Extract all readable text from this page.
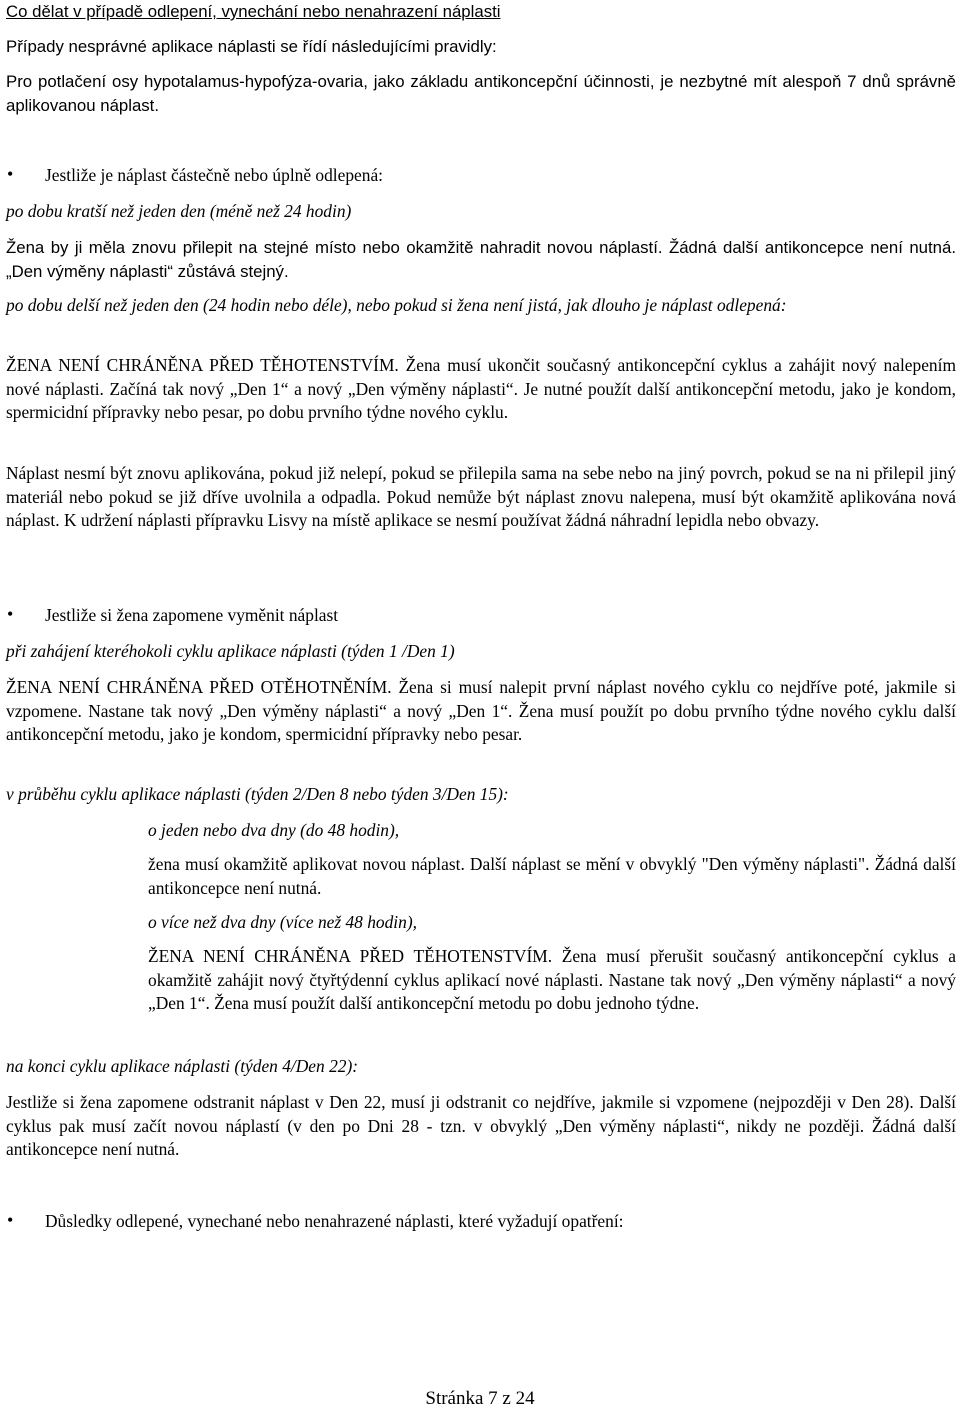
Co dělat v případě odlepení, vynechání nebo nenahrazení náplasti

Případy nesprávné aplikace náplasti se řídí následujícími pravidly:

Pro potlačení osy hypotalamus-hypofýza-ovaria, jako základu antikoncepční účinnosti, je nezbytné mít alespoň 7 dnů správně aplikovanou náplast.

• Jestliže je náplast částečně nebo úplně odlepená:

po dobu kratší než jeden den (méně než 24 hodin)

Žena by ji měla znovu přilepit na stejné místo nebo okamžitě nahradit novou náplastí. Žádná další antikoncepce není nutná. „Den výměny náplasti“ zůstává stejný.

po dobu delší než jeden den (24 hodin nebo déle), nebo pokud si žena není jistá, jak dlouho je náplast odlepená:

ŽENA NENÍ CHRÁNĚNA PŘED TĚHOTENSTVÍM. Žena musí ukončit současný antikoncepční cyklus a zahájit nový nalepením nové náplasti. Začíná tak nový „Den 1“ a nový „Den výměny náplasti“. Je nutné použít další antikoncepční metodu, jako je kondom, spermicidní přípravky nebo pesar, po dobu prvního týdne nového cyklu.

Náplast nesmí být znovu aplikována, pokud již nelepí, pokud se přilepila sama na sebe nebo na jiný povrch, pokud se na ni přilepil jiný materiál nebo pokud se již dříve uvolnila a odpadla. Pokud nemůže být náplast znovu nalepena, musí být okamžitě aplikována nová náplast. K udržení náplasti přípravku Lisvy na místě aplikace se nesmí používat žádná náhradní lepidla nebo obvazy.

• Jestliže si žena zapomene vyměnit náplast

při zahájení kteréhokoli cyklu aplikace náplasti (týden 1 /Den 1)

ŽENA NENÍ CHRÁNĚNA PŘED OTĚHOTNĚNÍM. Žena si musí nalepit první náplast nového cyklu co nejdříve poté, jakmile si vzpomene. Nastane tak nový „Den výměny náplasti“ a nový „Den 1“. Žena musí použít po dobu prvního týdne nového cyklu další antikoncepční metodu, jako je kondom, spermicidní přípravky nebo pesar.

v průběhu cyklu aplikace náplasti (týden 2/Den 8 nebo týden 3/Den 15):

o jeden nebo dva dny (do 48 hodin),

žena musí okamžitě aplikovat novou náplast. Další náplast se mění v obvyklý "Den výměny náplasti". Žádná další antikoncepce není nutná.

o více než dva dny (více než 48 hodin),

ŽENA NENÍ CHRÁNĚNA PŘED TĚHOTENSTVÍM. Žena musí přerušit současný antikoncepční cyklus a okamžitě zahájit nový čtyřtýdenní cyklus aplikací nové náplasti. Nastane tak nový „Den výměny náplasti“ a nový „Den 1“. Žena musí použít další antikoncepční metodu po dobu jednoho týdne.

na konci cyklu aplikace náplasti (týden 4/Den 22):

Jestliže si žena zapomene odstranit náplast v Den 22, musí ji odstranit co nejdříve, jakmile si vzpomene (nejpozději v Den 28). Další cyklus pak musí začít novou náplastí (v den po Dni 28 - tzn. v obvyklý „Den výměny náplasti“, nikdy ne později. Žádná další antikoncepce není nutná.

• Důsledky odlepené, vynechané nebo nenahrazené náplasti, které vyžadují opatření:

Stránka 7 z 24
